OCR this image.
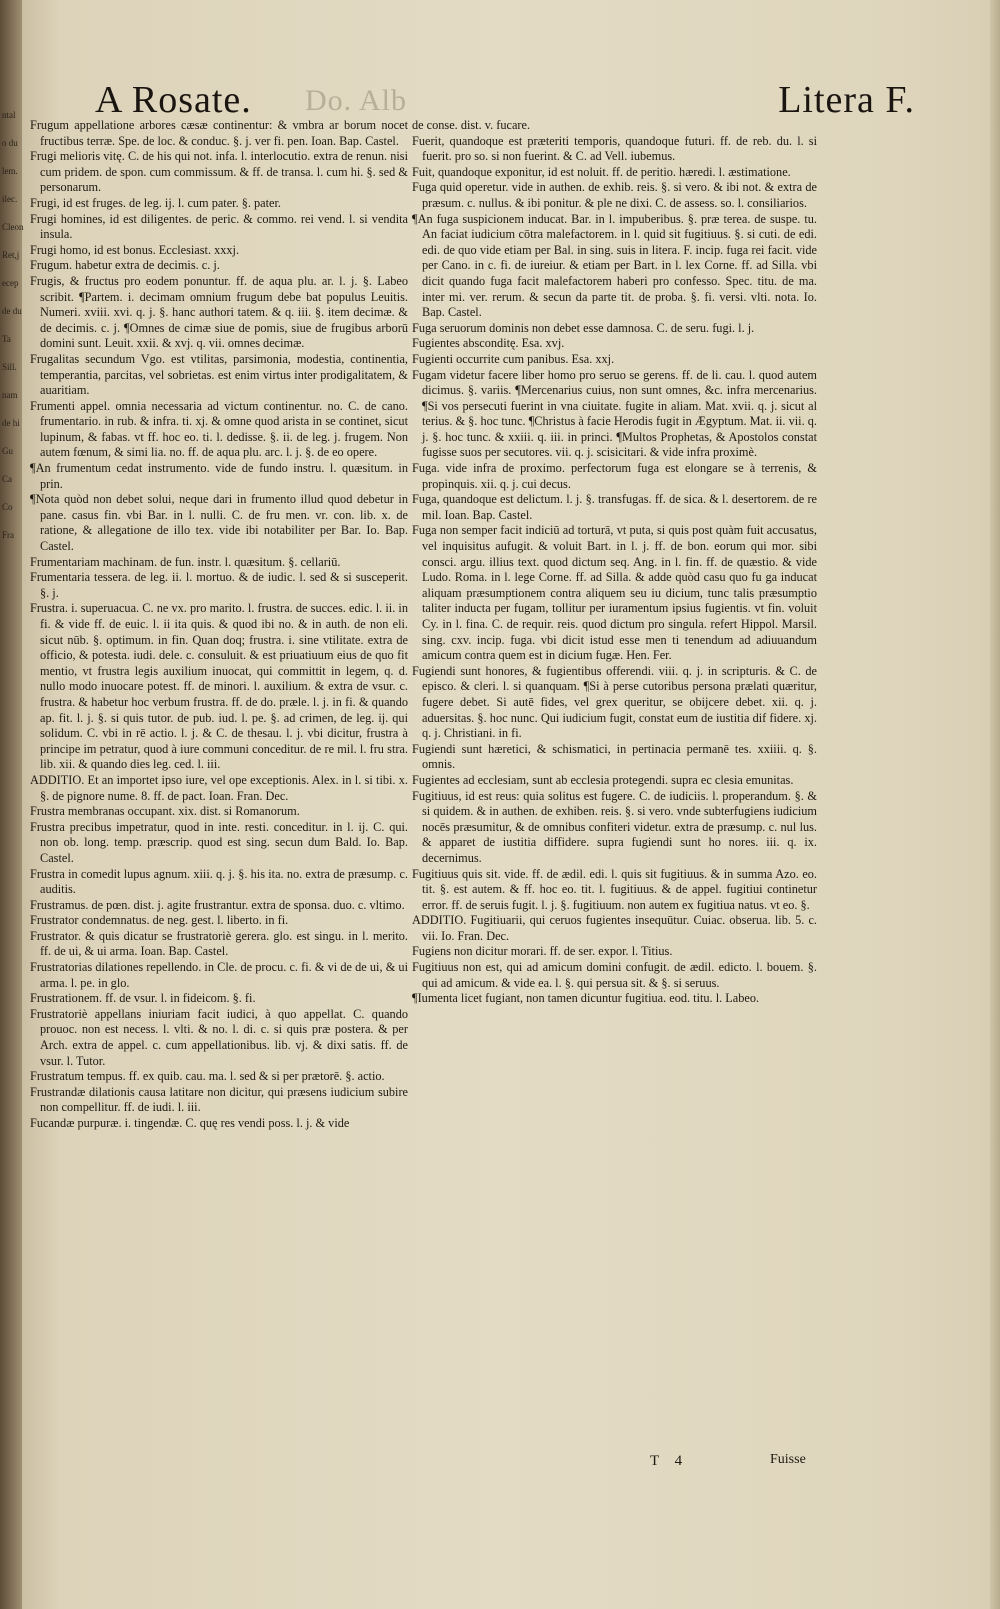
ntal
o du
lem.
ilec.
Cleon
Ret,j
ecep
de du
Ta
Sill.
nam
de hi
Gu
Ca
Co
Fra
A Rosate. Do. Alb	Litera F.

Frugum appellatione arbores cæsæ continentur: & vmbra ar borum nocet fructibus terræ. Spe. de loc. & conduc. §. j. ver fi. pen. Ioan. Bap. Castel.

Frugi melioris vitę. C. de his qui not. infa. l. interlocutio. extra de renun. nisi cum pridem. de spon. cum commissum. & ff. de transa. l. cum hi. §. sed & personarum.

Frugi, id est fruges. de leg. ij. l. cum pater. §. pater.

Frugi homines, id est diligentes. de peric. & commo. rei vend. l. si vendita insula.

Frugi homo, id est bonus. Ecclesiast. xxxj.

Frugum. habetur extra de decimis. c. j.

Frugis, & fructus pro eodem ponuntur. ff. de aqua plu. ar. l. j. §. Labeo scribit. ¶Partem. i. decimam omnium frugum debe bat populus Leuitis. Numeri. xviii. xvi. q. j. §. hanc authori tatem. & q. iii. §. item decimæ. & de decimis. c. j. ¶Omnes de cimæ siue de pomis, siue de frugibus arborū domini sunt. Leuit. xxii. & xvj. q. vii. omnes decimæ.

Frugalitas secundum Vgo. est vtilitas, parsimonia, modestia, continentia, temperantia, parcitas, vel sobrietas. est enim virtus inter prodigalitatem, & auaritiam.

Frumenti appel. omnia necessaria ad victum continentur. no. C. de cano. frumentario. in rub. & infra. ti. xj. & omne quod arista in se continet, sicut lupinum, & fabas. vt ff. hoc eo. ti. l. dedisse. §. ii. de leg. j. frugem. Non autem fœnum, & simi lia. no. ff. de aqua plu. arc. l. j. §. de eo opere.

¶An frumentum cedat instrumento. vide de fundo instru. l. quæsitum. in prin.

¶Nota quòd non debet solui, neque dari in frumento illud quod debetur in pane. casus fin. vbi Bar. in l. nulli. C. de fru men. vr. con. lib. x. de ratione, & allegatione de illo tex. vide ibi notabiliter per Bar. Io. Bap. Castel.

Frumentariam machinam. de fun. instr. l. quæsitum. §. cellariū.

Frumentaria tessera. de leg. ii. l. mortuo. & de iudic. l. sed & si susceperit. §. j.

Frustra. i. superuacua. C. ne vx. pro marito. l. frustra. de succes. edic. l. ii. in fi. & vide ff. de euic. l. ii ita quis. & quod ibi no. & in auth. de non eli. sicut nūb. §. optimum. in fin. Quan doq; frustra. i. sine vtilitate. extra de officio, & potesta. iudi. dele. c. consuluit. & est priuatiuum eius de quo fit mentio, vt frustra legis auxilium inuocat, qui committit in legem, q. d. nullo modo inuocare potest. ff. de minori. l. auxilium. & extra de vsur. c. frustra. & habetur hoc verbum frustra. ff. de do. præle. l. j. in fi. & quando ap. fit. l. j. §. si quis tutor. de pub. iud. l. pe. §. ad crimen, de leg. ij. qui solidum. C. vbi in rē actio. l. j. & C. de thesau. l. j. vbi dicitur, frustra à principe im petratur, quod à iure communi conceditur. de re mil. l. fru stra. lib. xii. & quando dies leg. ced. l. iii.

ADDITIO. Et an importet ipso iure, vel ope exceptionis. Alex. in l. si tibi. x. §. de pignore nume. 8. ff. de pact. Ioan. Fran. Dec.

Frustra membranas occupant. xix. dist. si Romanorum.

Frustra precibus impetratur, quod in inte. resti. conceditur. in l. ij. C. qui. non ob. long. temp. præscrip. quod est sing. secun dum Bald. Io. Bap. Castel.

Frustra in comedit lupus agnum. xiii. q. j. §. his ita. no. extra de præsump. c. auditis.

Frustramus. de pœn. dist. j. agite frustrantur. extra de sponsa. duo. c. vltimo.

Frustrator condemnatus. de neg. gest. l. liberto. in fi.

Frustrator. & quis dicatur se frustratoriè gerera. glo. est singu. in l. merito. ff. de ui, & ui arma. Ioan. Bap. Castel.

Frustratorias dilationes repellendo. in Cle. de procu. c. fi. & vi de de ui, & ui arma. l. pe. in glo.

Frustrationem. ff. de vsur. l. in fideicom. §. fi.

Frustratoriè appellans iniuriam facit iudici, à quo appellat. C. quando prouoc. non est necess. l. vlti. & no. l. di. c. si quis præ postera. & per Arch. extra de appel. c. cum appellationibus. lib. vj. & dixi satis. ff. de vsur. l. Tutor.

Frustratum tempus. ff. ex quib. cau. ma. l. sed & si per prætorē. §. actio.

Frustrandæ dilationis causa latitare non dicitur, qui præsens iudicium subire non compellitur. ff. de iudi. l. iii.

Fucandæ purpuræ. i. tingendæ. C. quę res vendi poss. l. j. & vide

de conse. dist. v. fucare.

Fuerit, quandoque est præteriti temporis, quandoque futuri. ff. de reb. du. l. si fuerit. pro so. si non fuerint. & C. ad Vell. iubemus.

Fuit, quandoque exponitur, id est noluit. ff. de peritio. hæredi. l. æstimatione.

Fuga quid operetur. vide in authen. de exhib. reis. §. si vero. & ibi not. & extra de præsum. c. nullus. & ibi ponitur. & ple ne dixi. C. de assess. so. l. consiliarios.

¶An fuga suspicionem inducat. Bar. in l. impuberibus. §. præ terea. de suspe. tu. An faciat iudicium cōtra malefactorem. in l. quid sit fugitiuus. §. si cuti. de edi. edi. de quo vide etiam per Bal. in sing. suis in litera. F. incip. fuga rei facit. vide per Cano. in c. fi. de iureiur. & etiam per Bart. in l. lex Corne. ff. ad Silla. vbi dicit quando fuga facit malefactorem haberi pro confesso. Spec. titu. de ma. inter mi. ver. rerum. & secun da parte tit. de proba. §. fi. versi. vlti. nota. Io. Bap. Castel.

Fuga seruorum dominis non debet esse damnosa. C. de seru. fugi. l. j.

Fugientes absconditę. Esa. xvj.

Fugienti occurrite cum panibus. Esa. xxj.

Fugam videtur facere liber homo pro seruo se gerens. ff. de li. cau. l. quod autem dicimus. §. variis. ¶Mercenarius cuius, non sunt omnes, &c. infra mercenarius. ¶Si vos persecuti fuerint in vna ciuitate. fugite in aliam. Mat. xvii. q. j. sicut al terius. & §. hoc tunc. ¶Christus à facie Herodis fugit in Ægyptum. Mat. ii. vii. q. j. §. hoc tunc. & xxiii. q. iii. in princi. ¶Multos Prophetas, & Apostolos constat fugisse suos per secutores. vii. q. j. scisicitari. & vide infra proximè.

Fuga. vide infra de proximo. perfectorum fuga est elongare se à terrenis, & propinquis. xii. q. j. cui decus.

Fuga, quandoque est delictum. l. j. §. transfugas. ff. de sica. & l. desertorem. de re mil. Ioan. Bap. Castel.

Fuga non semper facit indiciū ad torturā, vt puta, si quis post quàm fuit accusatus, vel inquisitus aufugit. & voluit Bart. in l. j. ff. de bon. eorum qui mor. sibi consci. argu. illius text. quod dictum seq. Ang. in l. fin. ff. de quæstio. & vide Ludo. Roma. in l. lege Corne. ff. ad Silla. & adde quòd casu quo fu ga inducat aliquam præsumptionem contra aliquem seu iu dicium, tunc talis præsumptio taliter inducta per fugam, tollitur per iuramentum ipsius fugientis. vt fin. voluit Cy. in l. fina. C. de requir. reis. quod dictum pro singula. refert Hippol. Marsil. sing. cxv. incip. fuga. vbi dicit istud esse men ti tenendum ad adiuuandum amicum contra quem est in dicium fugæ. Hen. Fer.

Fugiendi sunt honores, & fugientibus offerendi. viii. q. j. in scripturis. & C. de episco. & cleri. l. si quanquam. ¶Si à perse cutoribus persona prælati quæritur, fugere debet. Si autē fides, vel grex queritur, se obijcere debet. xii. q. j. aduersitas. §. hoc nunc. Qui iudicium fugit, constat eum de iustitia dif fidere. xj. q. j. Christiani. in fi.

Fugiendi sunt hæretici, & schismatici, in pertinacia permanē tes. xxiiii. q. §. omnis.

Fugientes ad ecclesiam, sunt ab ecclesia protegendi. supra ec clesia emunitas.

Fugitiuus, id est reus: quia solitus est fugere. C. de iudiciis. l. properandum. §. & si quidem. & in authen. de exhiben. reis. §. si vero. vnde subterfugiens iudicium nocēs præsumitur, & de omnibus confiteri videtur. extra de præsump. c. nul lus. & apparet de iustitia diffidere. supra fugiendi sunt ho nores. iii. q. ix. decernimus.

Fugitiuus quis sit. vide. ff. de ædil. edi. l. quis sit fugitiuus. & in summa Azo. eo. tit. §. est autem. & ff. hoc eo. tit. l. fugitiuus. & de appel. fugitiui continetur error. ff. de seruis fugit. l. j. §. fugitiuum. non autem ex fugitiua natus. vt eo. §.

ADDITIO. Fugitiuarii, qui ceruos fugientes insequūtur. Cuiac. obserua. lib. 5. c. vii. Io. Fran. Dec.

Fugiens non dicitur morari. ff. de ser. expor. l. Titius.

Fugitiuus non est, qui ad amicum domini confugit. de ædil. edicto. l. bouem. §. qui ad amicum. & vide ea. l. §. qui persua sit. & §. si seruus.

¶Iumenta licet fugiant, non tamen dicuntur fugitiua. eod. titu. l. Labeo.

T 4	Fuisse
